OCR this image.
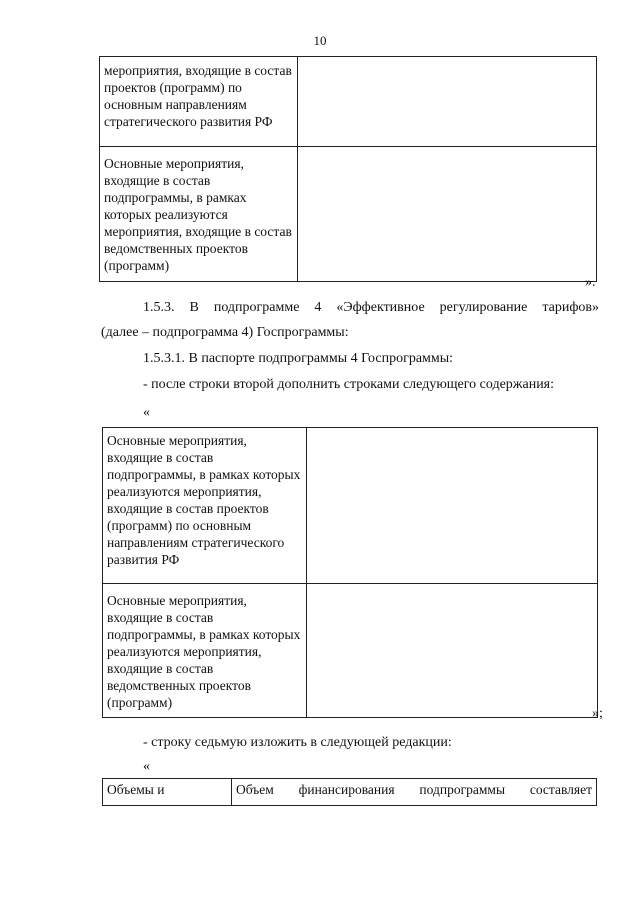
10
мероприятия, входящие в состав проектов (программ) по основным направлениям стратегического развития РФ	
Основные мероприятия, входящие в состав подпрограммы, в рамках которых реализуются мероприятия, входящие в состав ведомственных проектов (программ)	
».
1.5.3. В подпрограмме 4 «Эффективное регулирование тарифов»
(далее – подпрограмма 4) Госпрограммы:
1.5.3.1. В паспорте подпрограммы 4 Госпрограммы:
- после строки второй дополнить строками следующего содержания:
«
Основные мероприятия, входящие в состав подпрограммы, в рамках которых реализуются мероприятия, входящие в состав проектов (программ) по основным направлениям стратегического развития РФ	
Основные мероприятия, входящие в состав подпрограммы, в рамках которых реализуются мероприятия, входящие в состав ведомственных проектов (программ)	
»;
- строку седьмую изложить в следующей редакции:
«
Объемы и	Объем финансирования подпрограммы составляет
